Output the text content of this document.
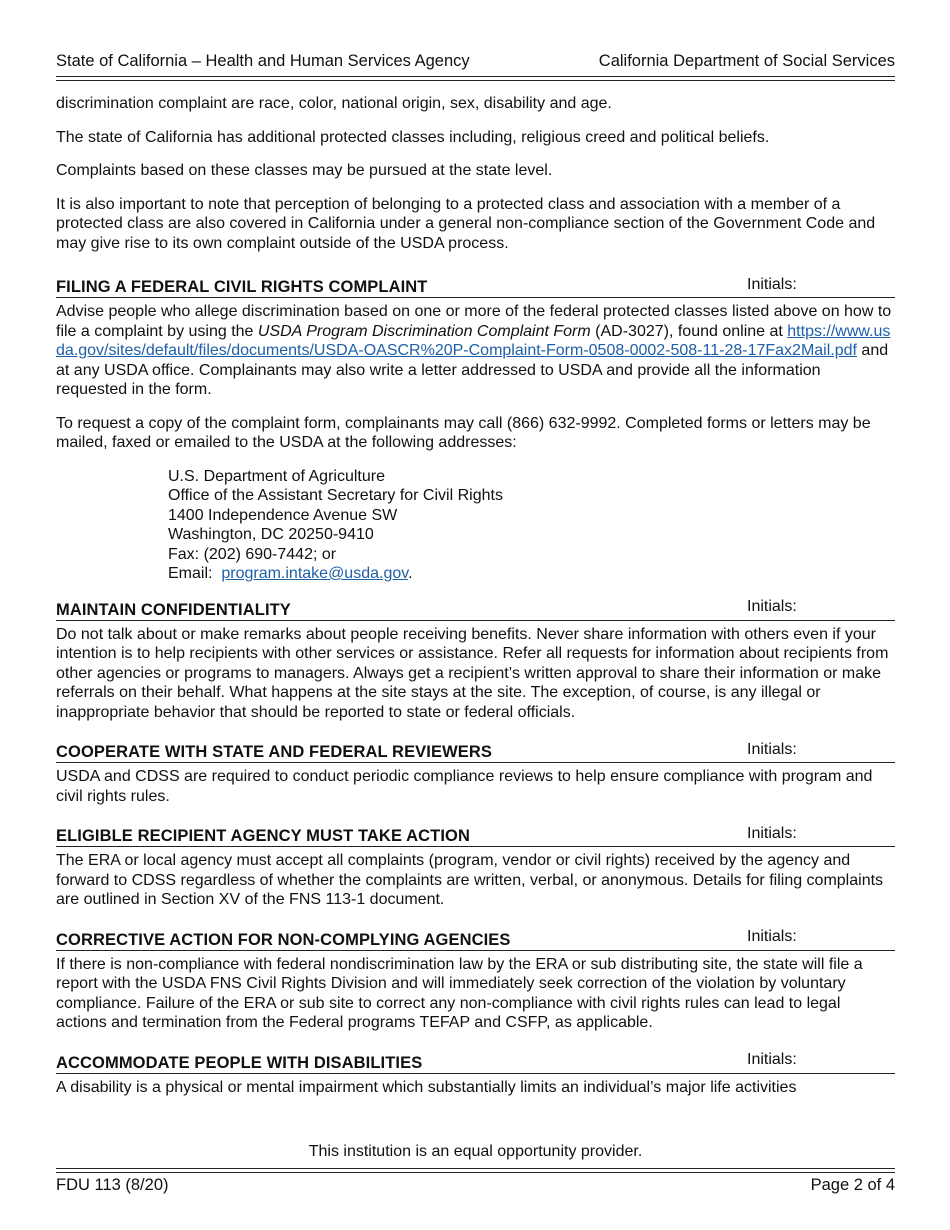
State of California – Health and Human Services Agency	California Department of Social Services

discrimination complaint are race, color, national origin, sex, disability and age.

The state of California has additional protected classes including, religious creed and political beliefs.

Complaints based on these classes may be pursued at the state level.

It is also important to note that perception of belonging to a protected class and association with a member of a protected class are also covered in California under a general non-compliance section of the Government Code and may give rise to its own complaint outside of the USDA process.

FILING A FEDERAL CIVIL RIGHTS COMPLAINT	Initials:

Advise people who allege discrimination based on one or more of the federal protected classes listed above on how to file a complaint by using the USDA Program Discrimination Complaint Form (AD-3027), found online at https://www.usda.gov/sites/default/files/documents/USDA-OASCR%20P-Complaint-Form-0508-0002-508-11-28-17Fax2Mail.pdf and at any USDA office. Complainants may also write a letter addressed to USDA and provide all the information requested in the form.

To request a copy of the complaint form, complainants may call (866) 632-9992. Completed forms or letters may be mailed, faxed or emailed to the USDA at the following addresses:

U.S. Department of Agriculture
Office of the Assistant Secretary for Civil Rights
1400 Independence Avenue SW
Washington, DC 20250-9410
Fax: (202) 690-7442; or
Email:  program.intake@usda.gov.
MAINTAIN CONFIDENTIALITY	Initials:

Do not talk about or make remarks about people receiving benefits. Never share information with others even if your intention is to help recipients with other services or assistance. Refer all requests for information about recipients from other agencies or programs to managers. Always get a recipient’s written approval to share their information or make referrals on their behalf. What happens at the site stays at the site. The exception, of course, is any illegal or inappropriate behavior that should be reported to state or federal officials.

COOPERATE WITH STATE AND FEDERAL REVIEWERS	Initials:

USDA and CDSS are required to conduct periodic compliance reviews to help ensure compliance with program and civil rights rules.

ELIGIBLE RECIPIENT AGENCY MUST TAKE ACTION	Initials:

The ERA or local agency must accept all complaints (program, vendor or civil rights) received by the agency and forward to CDSS regardless of whether the complaints are written, verbal, or anonymous. Details for filing complaints are outlined in Section XV of the FNS 113-1 document.

CORRECTIVE ACTION FOR NON-COMPLYING AGENCIES	Initials:

If there is non-compliance with federal nondiscrimination law by the ERA or sub distributing site, the state will file a report with the USDA FNS Civil Rights Division and will immediately seek correction of the violation by voluntary compliance. Failure of the ERA or sub site to correct any non-compliance with civil rights rules can lead to legal actions and termination from the Federal programs TEFAP and CSFP, as applicable.

ACCOMMODATE PEOPLE WITH DISABILITIES	Initials:

A disability is a physical or mental impairment which substantially limits an individual’s major life activities

This institution is an equal opportunity provider.
FDU 113 (8/20)	Page 2 of 4
